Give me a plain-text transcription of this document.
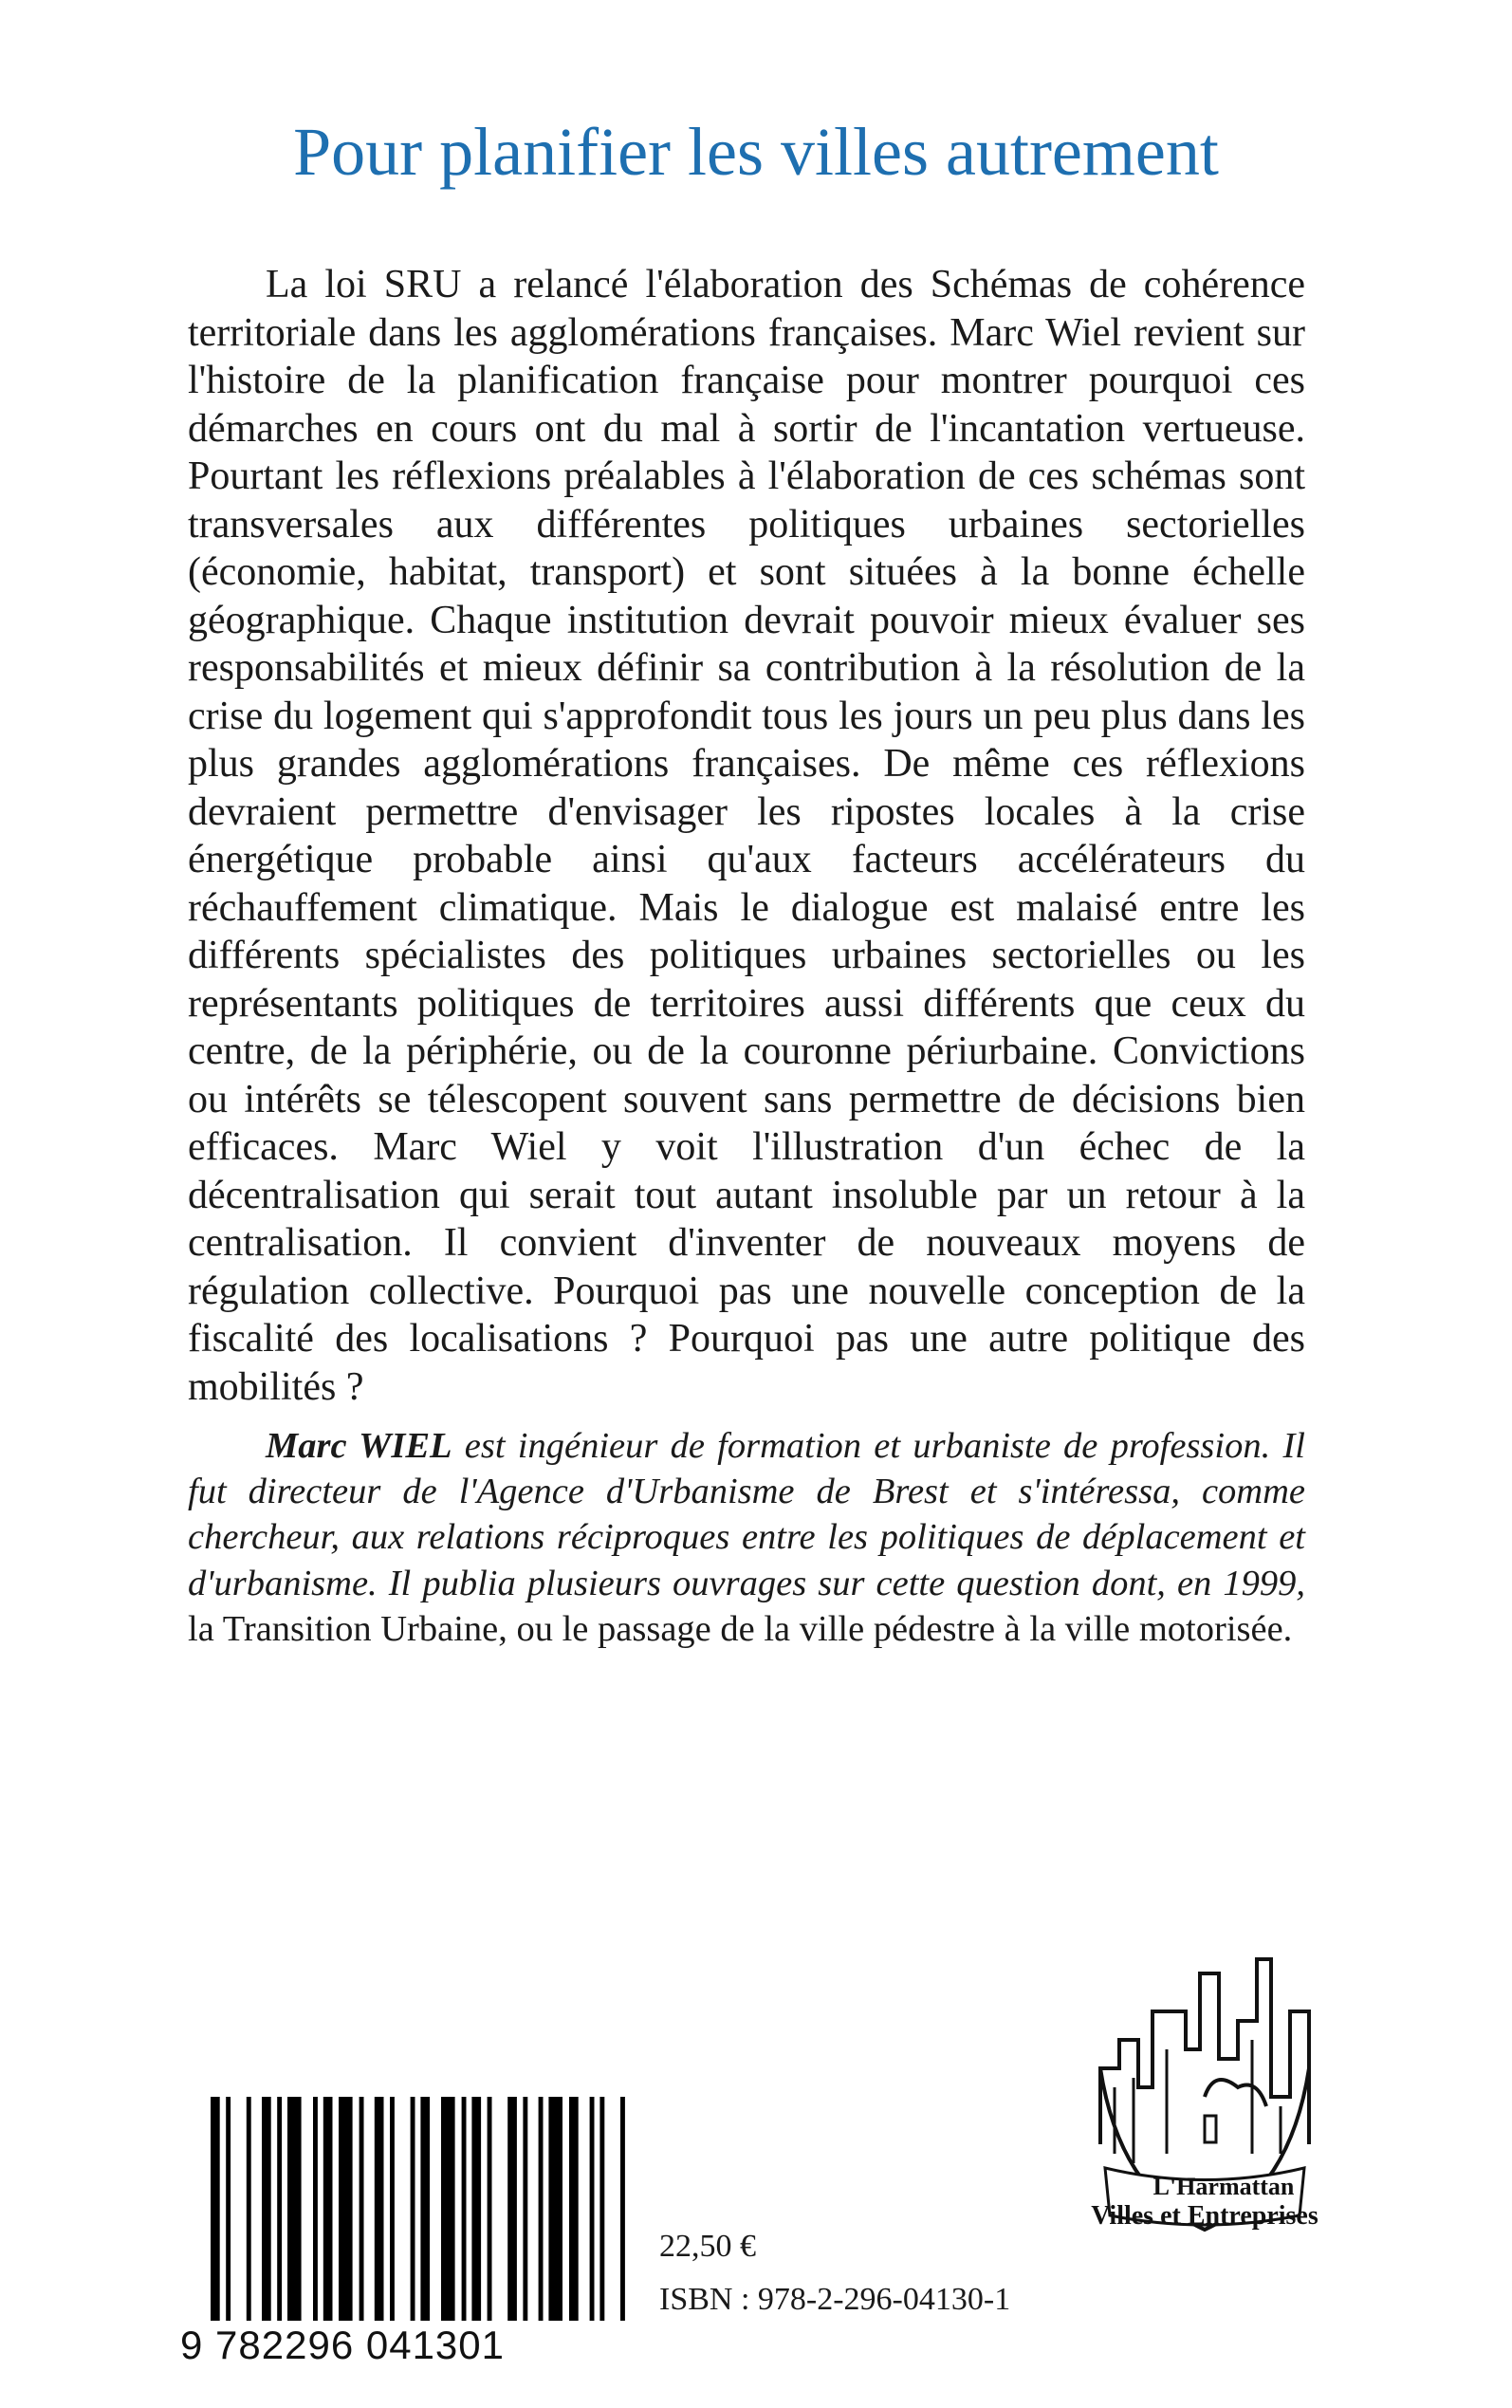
Pour planifier les villes autrement

La loi SRU a relancé l'élaboration des Schémas de cohérence territoriale dans les agglomérations françaises. Marc Wiel revient sur l'histoire de la planification française pour montrer pourquoi ces démarches en cours ont du mal à sortir de l'incantation vertueuse. Pourtant les réflexions préalables à l'élaboration de ces schémas sont transversales aux différentes politiques urbaines sectorielles (économie, habitat, transport) et sont situées à la bonne échelle géographique. Chaque institution devrait pouvoir mieux évaluer ses responsabilités et mieux définir sa contribution à la résolution de la crise du logement qui s'approfondit tous les jours un peu plus dans les plus grandes agglomérations françaises. De même ces réflexions devraient permettre d'envisager les ripostes locales à la crise énergétique probable ainsi qu'aux facteurs accélérateurs du réchauffement climatique. Mais le dialogue est malaisé entre les différents spécialistes des politiques urbaines sectorielles ou les représentants politiques de territoires aussi différents que ceux du centre, de la périphérie, ou de la couronne périurbaine. Convictions ou intérêts se télescopent souvent sans permettre de décisions bien efficaces. Marc Wiel y voit l'illustration d'un échec de la décentralisation qui serait tout autant insoluble par un retour à la centralisation. Il convient d'inventer de nouveaux moyens de régulation collective. Pourquoi pas une nouvelle conception de la fiscalité des localisations ? Pourquoi pas une autre politique des mobilités ?

Marc WIEL est ingénieur de formation et urbaniste de profession. Il fut directeur de l'Agence d'Urbanisme de Brest et s'intéressa, comme chercheur, aux relations réciproques entre les politiques de déplacement et d'urbanisme. Il publia plusieurs ouvrages sur cette question dont, en 1999, la Transition Urbaine, ou le passage de la ville pédestre à la ville motorisée.

9 782296 041301
22,50 €
ISBN : 978-2-296-04130-1
L'Harmattan
Villes et Entreprises
